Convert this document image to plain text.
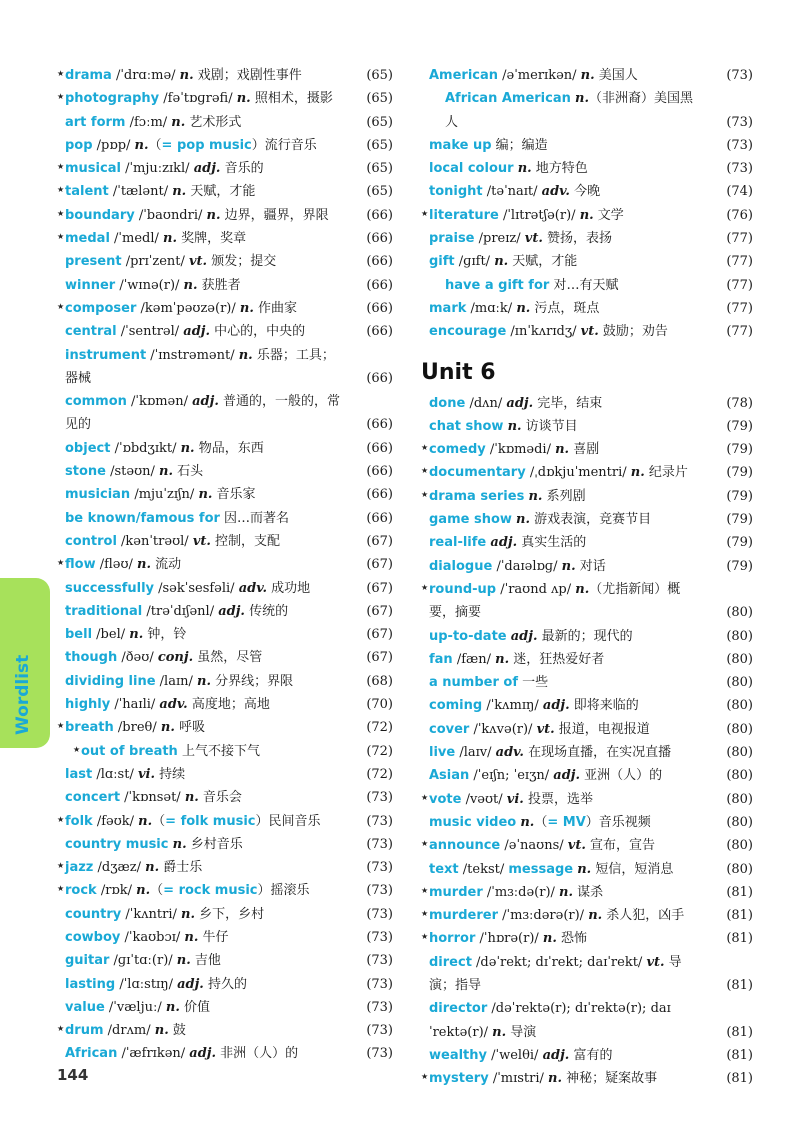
Wordlist
★ drama /ˈdrɑːmə/ n. 戏剧；戏剧性事件	(65)
★ photography /fəˈtɒɡrəfi/ n. 照相术，摄影	(65)
art form /fɔːm/ n. 艺术形式	(65)
pop /pɒp/ n.（= pop music）流行音乐	(65)
★ musical /ˈmjuːzɪkl/ adj. 音乐的	(65)
★ talent /ˈtælənt/ n. 天赋，才能	(65)
★ boundary /ˈbaʊndri/ n. 边界，疆界，界限	(66)
★ medal /ˈmedl/ n. 奖牌，奖章	(66)
present /prɪˈzent/ vt. 颁发；提交	(66)
winner /ˈwɪnə(r)/ n. 获胜者	(66)
★ composer /kəmˈpəʊzə(r)/ n. 作曲家	(66)
central /ˈsentrəl/ adj. 中心的，中央的	(66)
instrument /ˈɪnstrəmənt/ n. 乐器；工具；器械	(66)
common /ˈkɒmən/ adj. 普通的，一般的，常见的	(66)
object /ˈɒbdʒɪkt/ n. 物品，东西	(66)
stone /stəʊn/ n. 石头	(66)
musician /mjuˈzɪʃn/ n. 音乐家	(66)
be known/famous for 因…而著名	(66)
control /kənˈtrəʊl/ vt. 控制，支配	(67)
★ flow /fləʊ/ n. 流动	(67)
successfully /səkˈsesfəli/ adv. 成功地	(67)
traditional /trəˈdɪʃənl/ adj. 传统的	(67)
bell /bel/ n. 钟，铃	(67)
though /ðəʊ/ conj. 虽然，尽管	(67)
dividing line /laɪn/ n. 分界线；界限	(68)
highly /ˈhaɪli/ adv. 高度地；高地	(70)
★ breath /breθ/ n. 呼吸	(72)
★ out of breath 上气不接下气	(72)
last /lɑːst/ vi. 持续	(72)
concert /ˈkɒnsət/ n. 音乐会	(73)
★ folk /fəʊk/ n.（= folk music）民间音乐	(73)
country music n. 乡村音乐	(73)
★ jazz /dʒæz/ n. 爵士乐	(73)
★ rock /rɒk/ n.（= rock music）摇滚乐	(73)
country /ˈkʌntri/ n. 乡下，乡村	(73)
cowboy /ˈkaʊbɔɪ/ n. 牛仔	(73)
guitar /ɡɪˈtɑː(r)/ n. 吉他	(73)
lasting /ˈlɑːstɪŋ/ adj. 持久的	(73)
value /ˈvæljuː/ n. 价值	(73)
★ drum /drʌm/ n. 鼓	(73)
African /ˈæfrɪkən/ adj. 非洲（人）的	(73)
American /əˈmerɪkən/ n. 美国人	(73)
African American n.（非洲裔）美国黑人	(73)
make up 编；编造	(73)
local colour n. 地方特色	(73)
tonight /təˈnaɪt/ adv. 今晚	(74)
★ literature /ˈlɪtrətʃə(r)/ n. 文学	(76)
praise /preɪz/ vt. 赞扬，表扬	(77)
gift /ɡɪft/ n. 天赋，才能	(77)
have a gift for 对…有天赋	(77)
mark /mɑːk/ n. 污点，斑点	(77)
encourage /ɪnˈkʌrɪdʒ/ vt. 鼓励；劝告	(77)
Unit 6
done /dʌn/ adj. 完毕，结束	(78)
chat show n. 访谈节目	(79)
★ comedy /ˈkɒmədi/ n. 喜剧	(79)
★ documentary /ˌdɒkjuˈmentri/ n. 纪录片	(79)
★ drama series n. 系列剧	(79)
game show n. 游戏表演，竞赛节目	(79)
real-life adj. 真实生活的	(79)
dialogue /ˈdaɪəlɒɡ/ n. 对话	(79)
★ round-up /ˈraʊnd ʌp/ n.（尤指新闻）概要，摘要	(80)
up-to-date adj. 最新的；现代的	(80)
fan /fæn/ n. 迷，狂热爱好者	(80)
a number of 一些	(80)
coming /ˈkʌmɪŋ/ adj. 即将来临的	(80)
cover /ˈkʌvə(r)/ vt. 报道，电视报道	(80)
live /laɪv/ adv. 在现场直播，在实况直播	(80)
Asian /ˈeɪʃn; ˈeɪʒn/ adj. 亚洲（人）的	(80)
★ vote /vəʊt/ vi. 投票，选举	(80)
music video n.（= MV）音乐视频	(80)
★ announce /əˈnaʊns/ vt. 宣布，宣告	(80)
text /tekst/ message n. 短信，短消息	(80)
★ murder /ˈmɜːdə(r)/ n. 谋杀	(81)
★ murderer /ˈmɜːdərə(r)/ n. 杀人犯，凶手	(81)
★ horror /ˈhɒrə(r)/ n. 恐怖	(81)
direct /dəˈrekt; dɪˈrekt; daɪˈrekt/ vt. 导演；指导	(81)
director /dəˈrektə(r); dɪˈrektə(r); daɪˈrektə(r)/ n. 导演	(81)
wealthy /ˈwelθi/ adj. 富有的	(81)
★ mystery /ˈmɪstri/ n. 神秘；疑案故事	(81)
144
